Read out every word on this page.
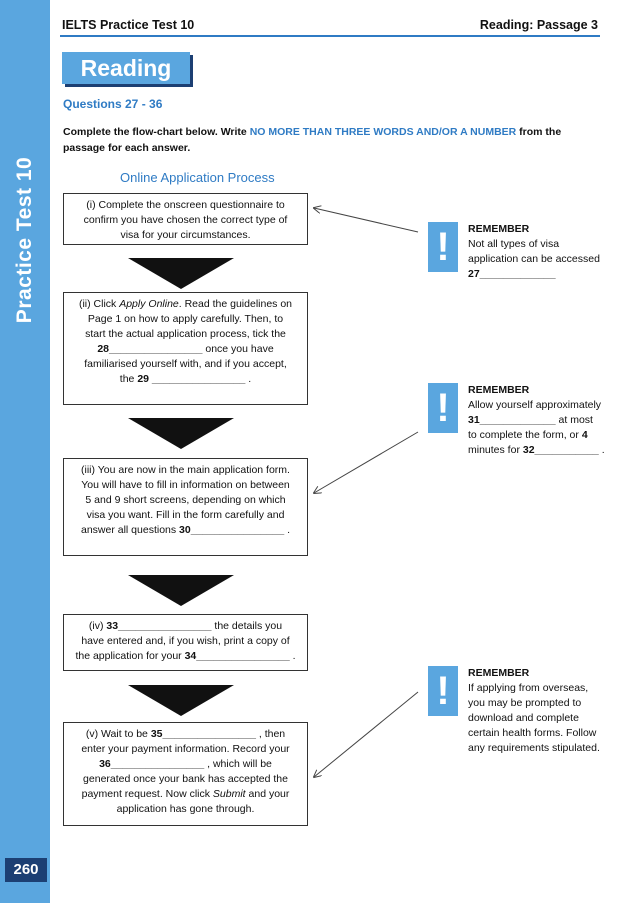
Practice Test 10
260
IELTS Practice Test 10	Reading: Passage 3
Reading
Questions 27 - 36
Complete the flow-chart below. Write NO MORE THAN THREE WORDS AND/OR A NUMBER from the passage for each answer.
Online Application Process
(i) Complete the onscreen questionnaire to
confirm you have chosen the correct type of
visa for your circumstances.
(ii) Click Apply Online. Read the guidelines on
Page 1 on how to apply carefully. Then, to
start the actual application process, tick the
28________________ once you have
familiarised yourself with, and if you accept,
the 29 ________________ .
(iii) You are now in the main application form.
You will have to fill in information on between
5 and 9 short screens, depending on which
visa you want. Fill in the form carefully and
answer all questions 30________________ .
(iv) 33________________ the details you
have entered and, if you wish, print a copy of
the application for your 34________________ .
(v) Wait to be 35________________ , then
enter your payment information. Record your
36________________ , which will be
generated once your bank has accepted the
payment request. Now click Submit and your
application has gone through.
!	REMEMBER
Not all types of visa
application can be accessed
27_____________
!	REMEMBER
Allow yourself approximately
31_____________ at most
to complete the form, or 4
minutes for 32___________ .
!	REMEMBER
If applying from overseas,
you may be prompted to
download and complete
certain health forms. Follow
any requirements stipulated.
